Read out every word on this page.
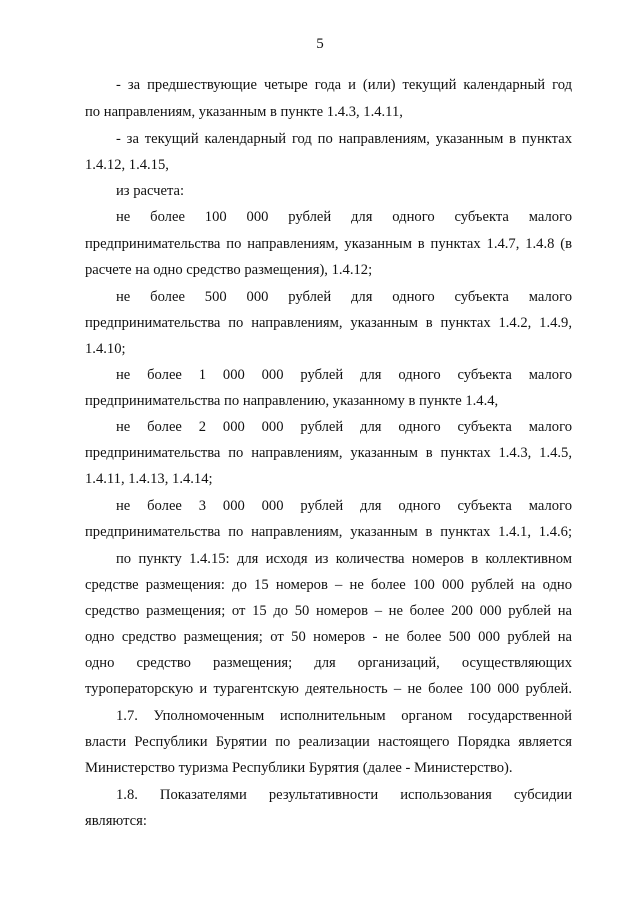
5
- за предшествующие четыре года и (или) текущий календарный год
по направлениям, указанным в пункте 1.4.3, 1.4.11,
- за текущий календарный год по направлениям, указанным в пунктах
1.4.12, 1.4.15,
из расчета:
не более 100 000 рублей для одного субъекта малого
предпринимательства по направлениям, указанным в пунктах 1.4.7, 1.4.8 (в
расчете на одно средство размещения), 1.4.12;
не более 500 000 рублей для одного субъекта малого
предпринимательства по направлениям, указанным в пунктах 1.4.2, 1.4.9,
1.4.10;
не более 1 000 000 рублей для одного субъекта малого
предпринимательства по направлению, указанному в пункте 1.4.4,
не более 2 000 000 рублей для одного субъекта малого
предпринимательства по направлениям, указанным в пунктах 1.4.3, 1.4.5,
1.4.11, 1.4.13, 1.4.14;
не более 3 000 000 рублей для одного субъекта малого
предпринимательства по направлениям, указанным в пунктах 1.4.1, 1.4.6;
по пункту 1.4.15: для исходя из количества номеров в коллективном
средстве размещения: до 15 номеров – не более 100 000 рублей на одно
средство размещения; от 15 до 50 номеров – не более 200 000 рублей на
одно средство размещения; от 50 номеров - не более 500 000 рублей на
одно средство размещения; для организаций, осуществляющих
туроператорскую и турагентскую деятельность – не более 100 000 рублей.
1.7. Уполномоченным исполнительным органом государственной
власти Республики Бурятии по реализации настоящего Порядка является
Министерство туризма Республики Бурятия (далее - Министерство).
1.8. Показателями результативности использования субсидии
являются:
